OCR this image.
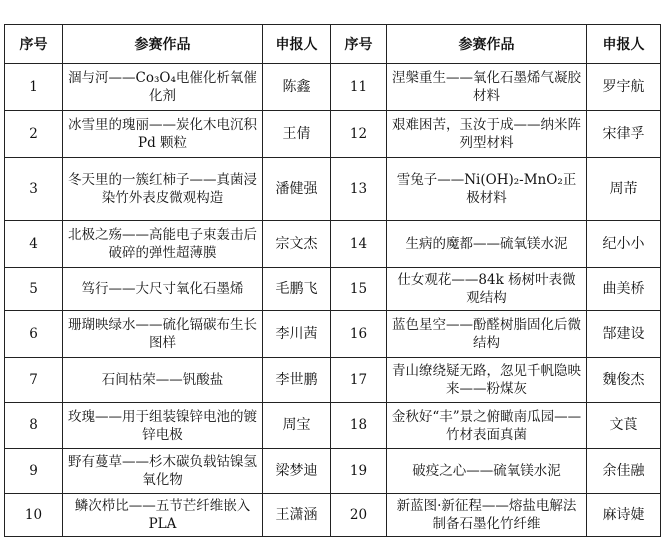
序号	参赛作品	申报人	序号	参赛作品	申报人
1	涸与河——Co₃O₄电催化析氧催化剂	陈鑫	11	涅槃重生——氧化石墨烯气凝胶材料	罗宇航
2	冰雪里的瑰丽——炭化木电沉积 Pd 颗粒	王倩	12	艰难困苦，玉汝于成——纳米阵列型材料	宋律孚
3	冬天里的一簇红柿子——真菌浸染竹外表皮微观构造	潘健强	13	雪兔子——Ni(OH)₂-MnO₂正极材料	周芾
4	北极之殇——高能电子束轰击后破碎的弹性超薄膜	宗文杰	14	生病的魔都——硫氧镁水泥	纪小小
5	笃行——大尺寸氧化石墨烯	毛鹏飞	15	仕女观花——84k 杨树叶表微观结构	曲美桥
6	珊瑚映绿水——硫化镉碳布生长图样	李川茜	16	蓝色星空——酚醛树脂固化后微结构	郜建设
7	石间枯荣——钒酸盐	李世鹏	17	青山缭绕疑无路，忽见千帆隐映来——粉煤灰	魏俊杰
8	玫瑰——用于组装镍锌电池的镀锌电极	周宝	18	金秋好“丰”景之俯瞰南瓜园——竹材表面真菌	文莨
9	野有蔓草——杉木碳负载钴镍氢氧化物	梁梦迪	19	破疫之心——硫氧镁水泥	余佳融
10	鳞次栉比——五节芒纤维嵌入 PLA	王潇涵	20	新蓝图·新征程——熔盐电解法制备石墨化竹纤维	麻诗婕
